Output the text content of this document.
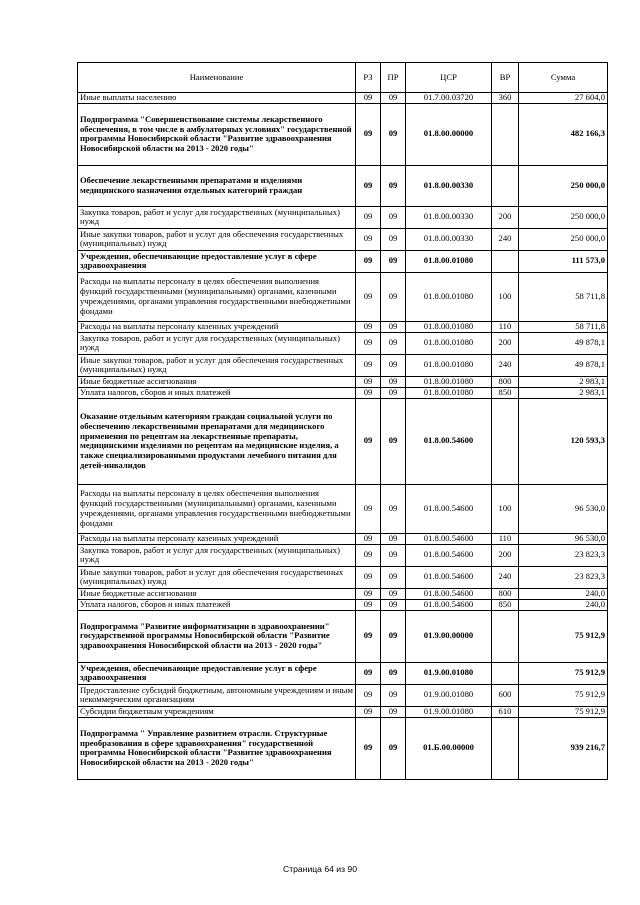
Наименование	РЗ	ПР	ЦСР	ВР	Сумма
Иные выплаты населению	09	09	01.7.00.03720	360	27 604,0
Подпрограмма "Совершенствование системы лекарственного обеспечения, в том числе в амбулаторных условиях" государственной программы Новосибирской области "Развитие здравоохранения Новосибирской области на 2013 - 2020 годы"	09	09	01.8.00.00000		482 166,3
Обеспечение лекарственными препаратами и изделиями медицинского назначения отдельных категорий граждан	09	09	01.8.00.00330		250 000,0
Закупка товаров, работ и услуг для государственных (муниципальных) нужд	09	09	01.8.00.00330	200	250 000,0
Иные закупки товаров, работ и услуг для обеспечения государственных (муниципальных) нужд	09	09	01.8.00.00330	240	250 000,0
Учреждения, обеспечивающие предоставление услуг в сфере здравоохранения	09	09	01.8.00.01080		111 573,0
Расходы на выплаты персоналу в целях обеспечения выполнения функций государственными (муниципальными) органами, казенными учреждениями, органами управления государственными внебюджетными фондами	09	09	01.8.00.01080	100	58 711,8
Расходы на выплаты персоналу казенных учреждений	09	09	01.8.00.01080	110	58 711,8
Закупка товаров, работ и услуг для государственных (муниципальных) нужд	09	09	01.8.00.01080	200	49 878,1
Иные закупки товаров, работ и услуг для обеспечения государственных (муниципальных) нужд	09	09	01.8.00.01080	240	49 878,1
Иные бюджетные ассигнования	09	09	01.8.00.01080	800	2 983,1
Уплата налогов, сборов и иных платежей	09	09	01.8.00.01080	850	2 983,1
Оказание отдельным категориям граждан социальной услуги по обеспечению лекарственными препаратами для медицинского применения по рецептам на лекарственные препараты, медицинскими изделиями по рецептам на медицинские изделия, а также специализированными продуктами лечебного питания для детей-инвалидов	09	09	01.8.00.54600		120 593,3
Расходы на выплаты персоналу в целях обеспечения выполнения функций государственными (муниципальными) органами, казенными учреждениями, органами управления государственными внебюджетными фондами	09	09	01.8.00.54600	100	96 530,0
Расходы на выплаты персоналу казенных учреждений	09	09	01.8.00.54600	110	96 530,0
Закупка товаров, работ и услуг для государственных (муниципальных) нужд	09	09	01.8.00.54600	200	23 823,3
Иные закупки товаров, работ и услуг для обеспечения государственных (муниципальных) нужд	09	09	01.8.00.54600	240	23 823,3
Иные бюджетные ассигнования	09	09	01.8.00.54600	800	240,0
Уплата налогов, сборов и иных платежей	09	09	01.8.00.54600	850	240,0
Подпрограмма "Развитие информатизации в здравоохранении" государственной программы Новосибирской области "Развитие здравоохранения Новосибирской области на 2013 - 2020 годы"	09	09	01.9.00.00000		75 912,9
Учреждения, обеспечивающие предоставление услуг в сфере здравоохранения	09	09	01.9.00.01080		75 912,9
Предоставление субсидий бюджетным, автономным учреждениям и иным некоммерческим организациям	09	09	01.9.00.01080	600	75 912,9
Субсидии бюджетным учреждениям	09	09	01.9.00.01080	610	75 912,9
Подпрограмма " Управление развитием отрасли. Структурные преобразования в сфере здравоохранения" государственной программы Новосибирской области "Развитие здравоохранения Новосибирской области на 2013 - 2020 годы"	09	09	01.Б.00.00000		939 216,7
Страница 64 из 90
